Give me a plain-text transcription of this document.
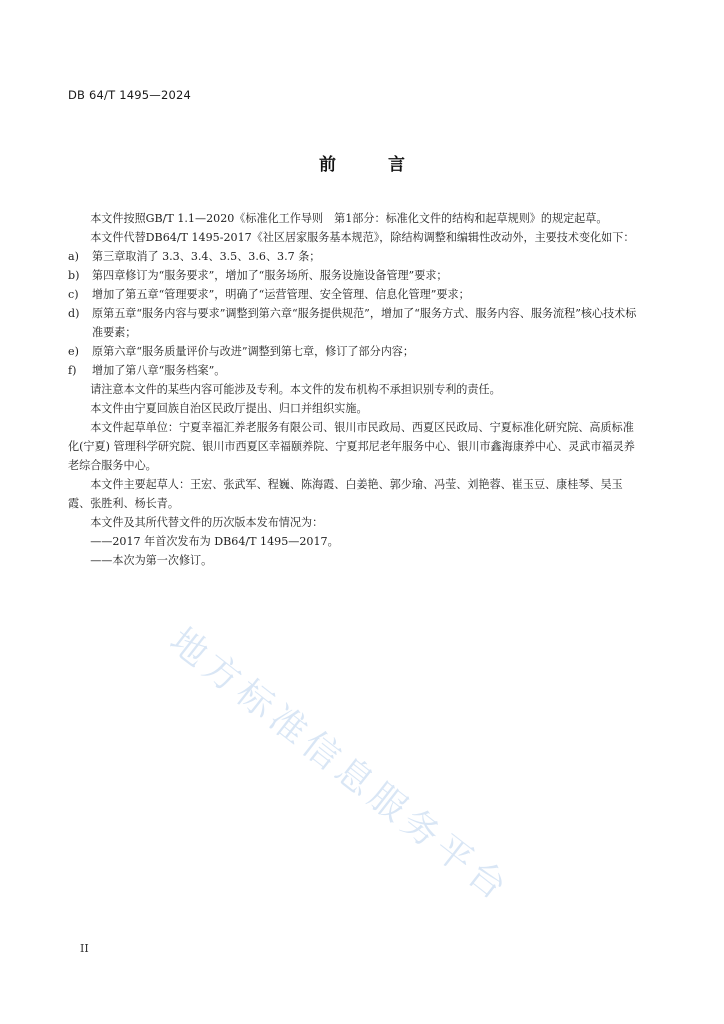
DB 64/T 1495—2024
前	言

本文件按照GB/T 1.1—2020《标准化工作导则　第1部分：标准化文件的结构和起草规则》的规定起草。

本文件代替DB64/T 1495-2017《社区居家服务基本规范》，除结构调整和编辑性改动外，主要技术变化如下：

a) 第三章取消了 3.3、3.4、3.5、3.6、3.7 条；

b) 第四章修订为“服务要求”，增加了“服务场所、服务设施设备管理”要求；

c) 增加了第五章“管理要求”，明确了“运营管理、安全管理、信息化管理”要求；

d) 原第五章“服务内容与要求”调整到第六章“服务提供规范”，增加了“服务方式、服务内容、服务流程”核心技术标准要素；

e) 原第六章“服务质量评价与改进”调整到第七章，修订了部分内容；

f) 增加了第八章“服务档案”。

请注意本文件的某些内容可能涉及专利。本文件的发布机构不承担识别专利的责任。

本文件由宁夏回族自治区民政厅提出、归口并组织实施。

本文件起草单位：宁夏幸福汇养老服务有限公司、银川市民政局、西夏区民政局、宁夏标准化研究院、高质标准化(宁夏) 管理科学研究院、银川市西夏区幸福颐养院、宁夏邦尼老年服务中心、银川市鑫海康养中心、灵武市福灵养老综合服务中心。

本文件主要起草人：王宏、张武军、程巍、陈海霞、白姜艳、郭少瑜、冯莹、刘艳蓉、崔玉豆、康桂琴、吴玉霞、张胜利、杨长青。

本文件及其所代替文件的历次版本发布情况为：

——2017 年首次发布为 DB64/T 1495—2017。

——本次为第一次修订。

地方标准信息服务平台
II
